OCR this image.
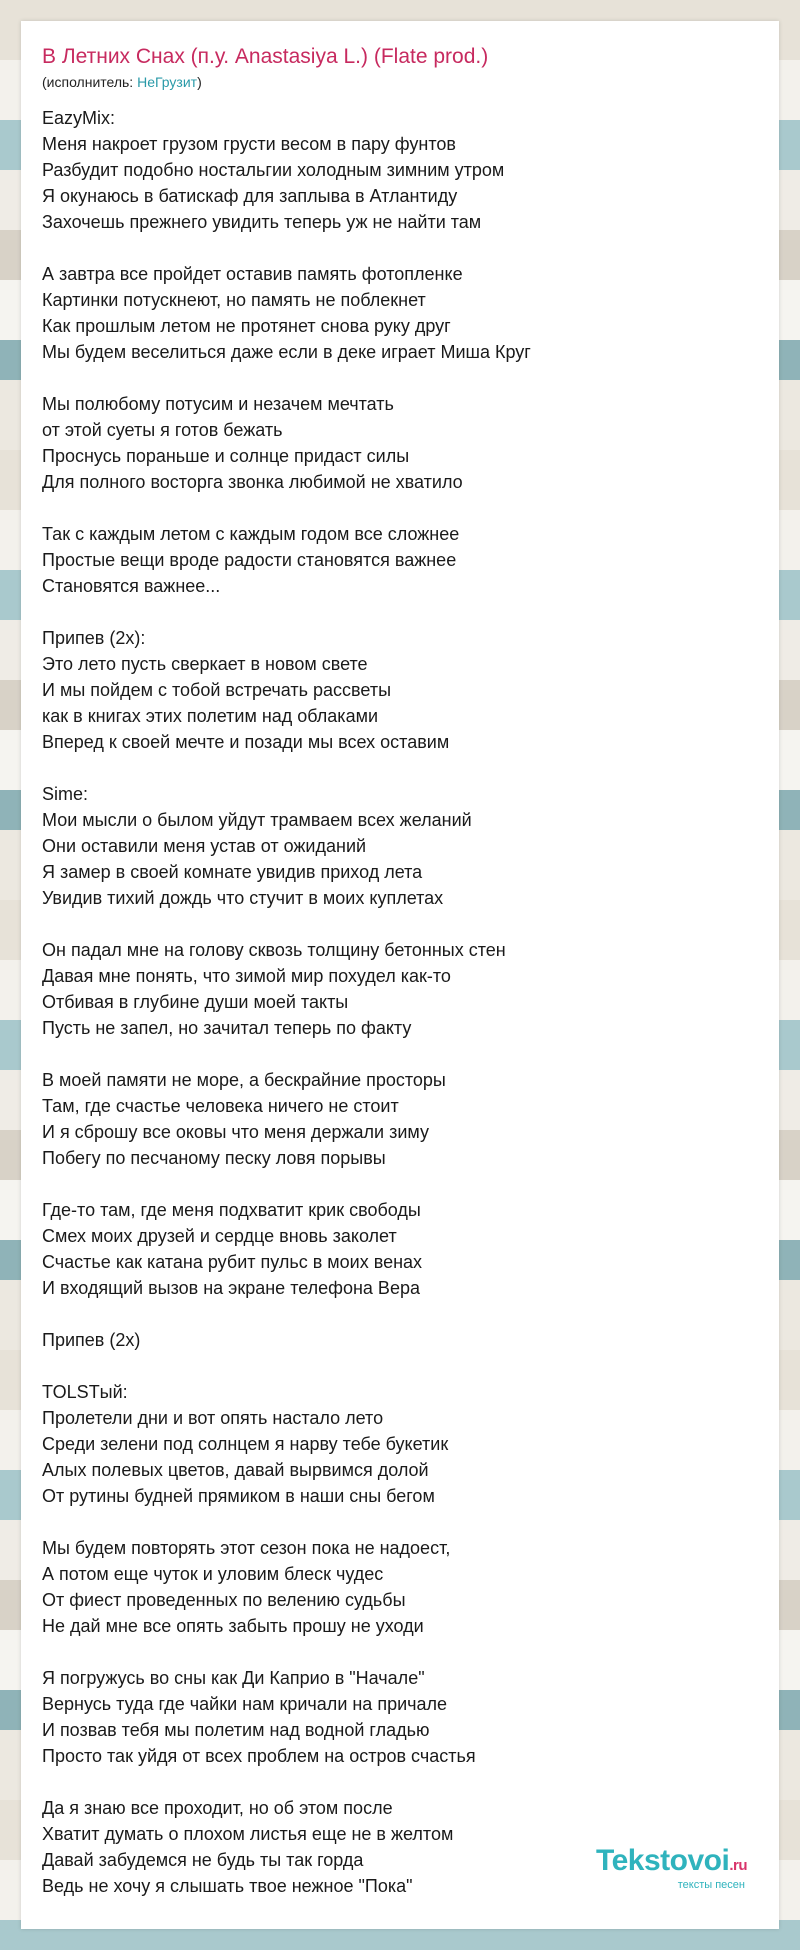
В Летних Снах (п.у. Anastasiya L.) (Flate prod.)
(исполнитель: НеГрузит)
EazyMix:
Меня накроет грузом грусти весом в пару фунтов
Разбудит подобно ностальгии холодным зимним утром
Я окунаюсь в батискаф для заплыва в Атлантиду
Захочешь прежнего увидить теперь уж не найти там
А завтра все пройдет оставив память фотопленке
Картинки потускнеют, но память не поблекнет
Как прошлым летом не протянет снова руку друг
Мы будем веселиться даже если в деке играет Миша Круг
Мы полюбому потусим и незачем мечтать
от этой суеты я готов бежать
Проснусь пораньше и солнце придаст силы
Для полного восторга звонка любимой не хватило
Так с каждым летом с каждым годом все сложнее
Простые вещи вроде радости становятся важнее
Становятся важнее...
Припев (2x):
Это лето пусть сверкает в новом свете
И мы пойдем с тобой встречать рассветы
как в книгах этих полетим над облаками
Вперед к своей мечте и позади мы всех оставим
Sime:
Мои мысли о былом уйдут трамваем всех желаний
Они оставили меня устав от ожиданий
Я замер в своей комнате увидив приход лета
Увидив тихий дождь что стучит в моих куплетах
Он падал мне на голову сквозь толщину бетонных стен
Давая мне понять, что зимой мир похудел как-то
Отбивая в глубине души моей такты
Пусть не запел, но зачитал теперь по факту
В моей памяти не море, а бескрайние просторы
Там, где счастье человека ничего не стоит
И я сброшу все оковы что меня держали зиму
Побегу по песчаному песку ловя порывы
Где-то там, где меня подхватит крик свободы
Смех моих друзей и сердце вновь заколет
Счастье как катана рубит пульс в моих венах
И входящий вызов на экране телефона Вера
Припев (2x)
TOLSTый:
Пролетели дни и вот опять настало лето
Среди зелени под солнцем я нарву тебе букетик
Алых полевых цветов, давай вырвимся долой
От рутины будней прямиком в наши сны бегом
Мы будем повторять этот сезон пока не надоест,
А потом еще чуток и уловим блеск чудес
От фиест проведенных по велению судьбы
Не дай мне все опять забыть прошу не уходи
Я погружусь во сны как Ди Каприо в "Начале"
Вернусь туда где чайки нам кричали на причале
И позвав тебя мы полетим над водной гладью
Просто так уйдя от всех проблем на остров счастья
Да я знаю все проходит, но об этом после
Хватит думать о плохом листья еще не в желтом
Давай забудемся не будь ты так горда
Ведь не хочу я слышать твое нежное "Пока"
Tekstovoi.ru
тексты песен
